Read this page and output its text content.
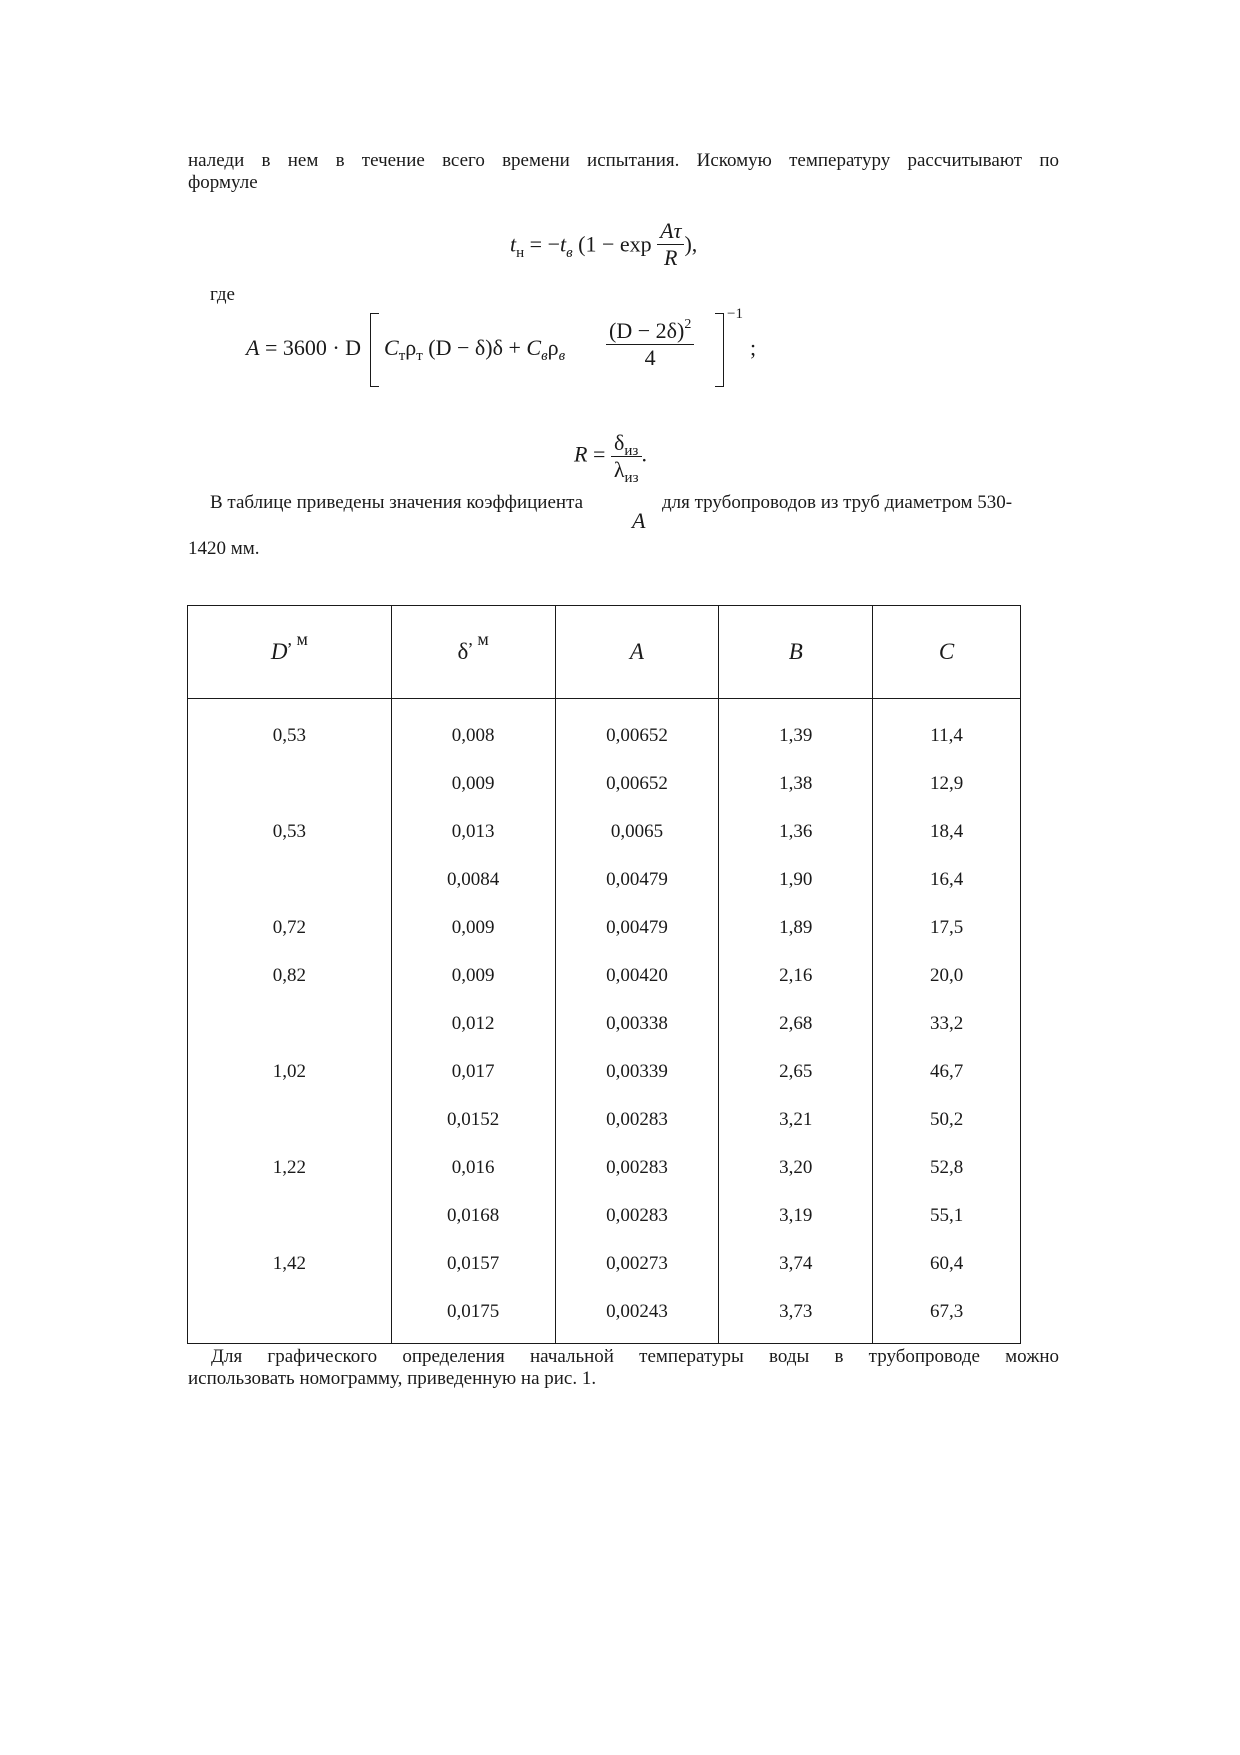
наледи в нем в течение всего времени испытания. Искомую температуру рассчитывают по
формуле
$t_н = -t_в$ ($1 - \exp \frac{A\tau}{R}$ ),
где
A = 3600 · D $C_т\rho_т$ $(D - \delta)\delta + C_в\rho_в \frac{(D - 2\delta)^2}{4}$
−1
;
$R = \frac{\delta_{из}}{\lambda_{из}}$ .
В таблице приведены значения коэффициента
A
для трубопроводов из труб диаметром 530-
1420 мм.
$D^{, м}$	$\delta^{, м}$	A	B	C
0,53	0,008	0,00652	1,39	11,4
	0,009	0,00652	1,38	12,9
0,53	0,013	0,0065	1,36	18,4
	0,0084	0,00479	1,90	16,4
0,72	0,009	0,00479	1,89	17,5
0,82	0,009	0,00420	2,16	20,0
	0,012	0,00338	2,68	33,2
1,02	0,017	0,00339	2,65	46,7
	0,0152	0,00283	3,21	50,2
1,22	0,016	0,00283	3,20	52,8
	0,0168	0,00283	3,19	55,1
1,42	0,0157	0,00273	3,74	60,4
	0,0175	0,00243	3,73	67,3
Для графического определения начальной температуры воды в трубопроводе можно
использовать номограмму, приведенную на рис. 1.
